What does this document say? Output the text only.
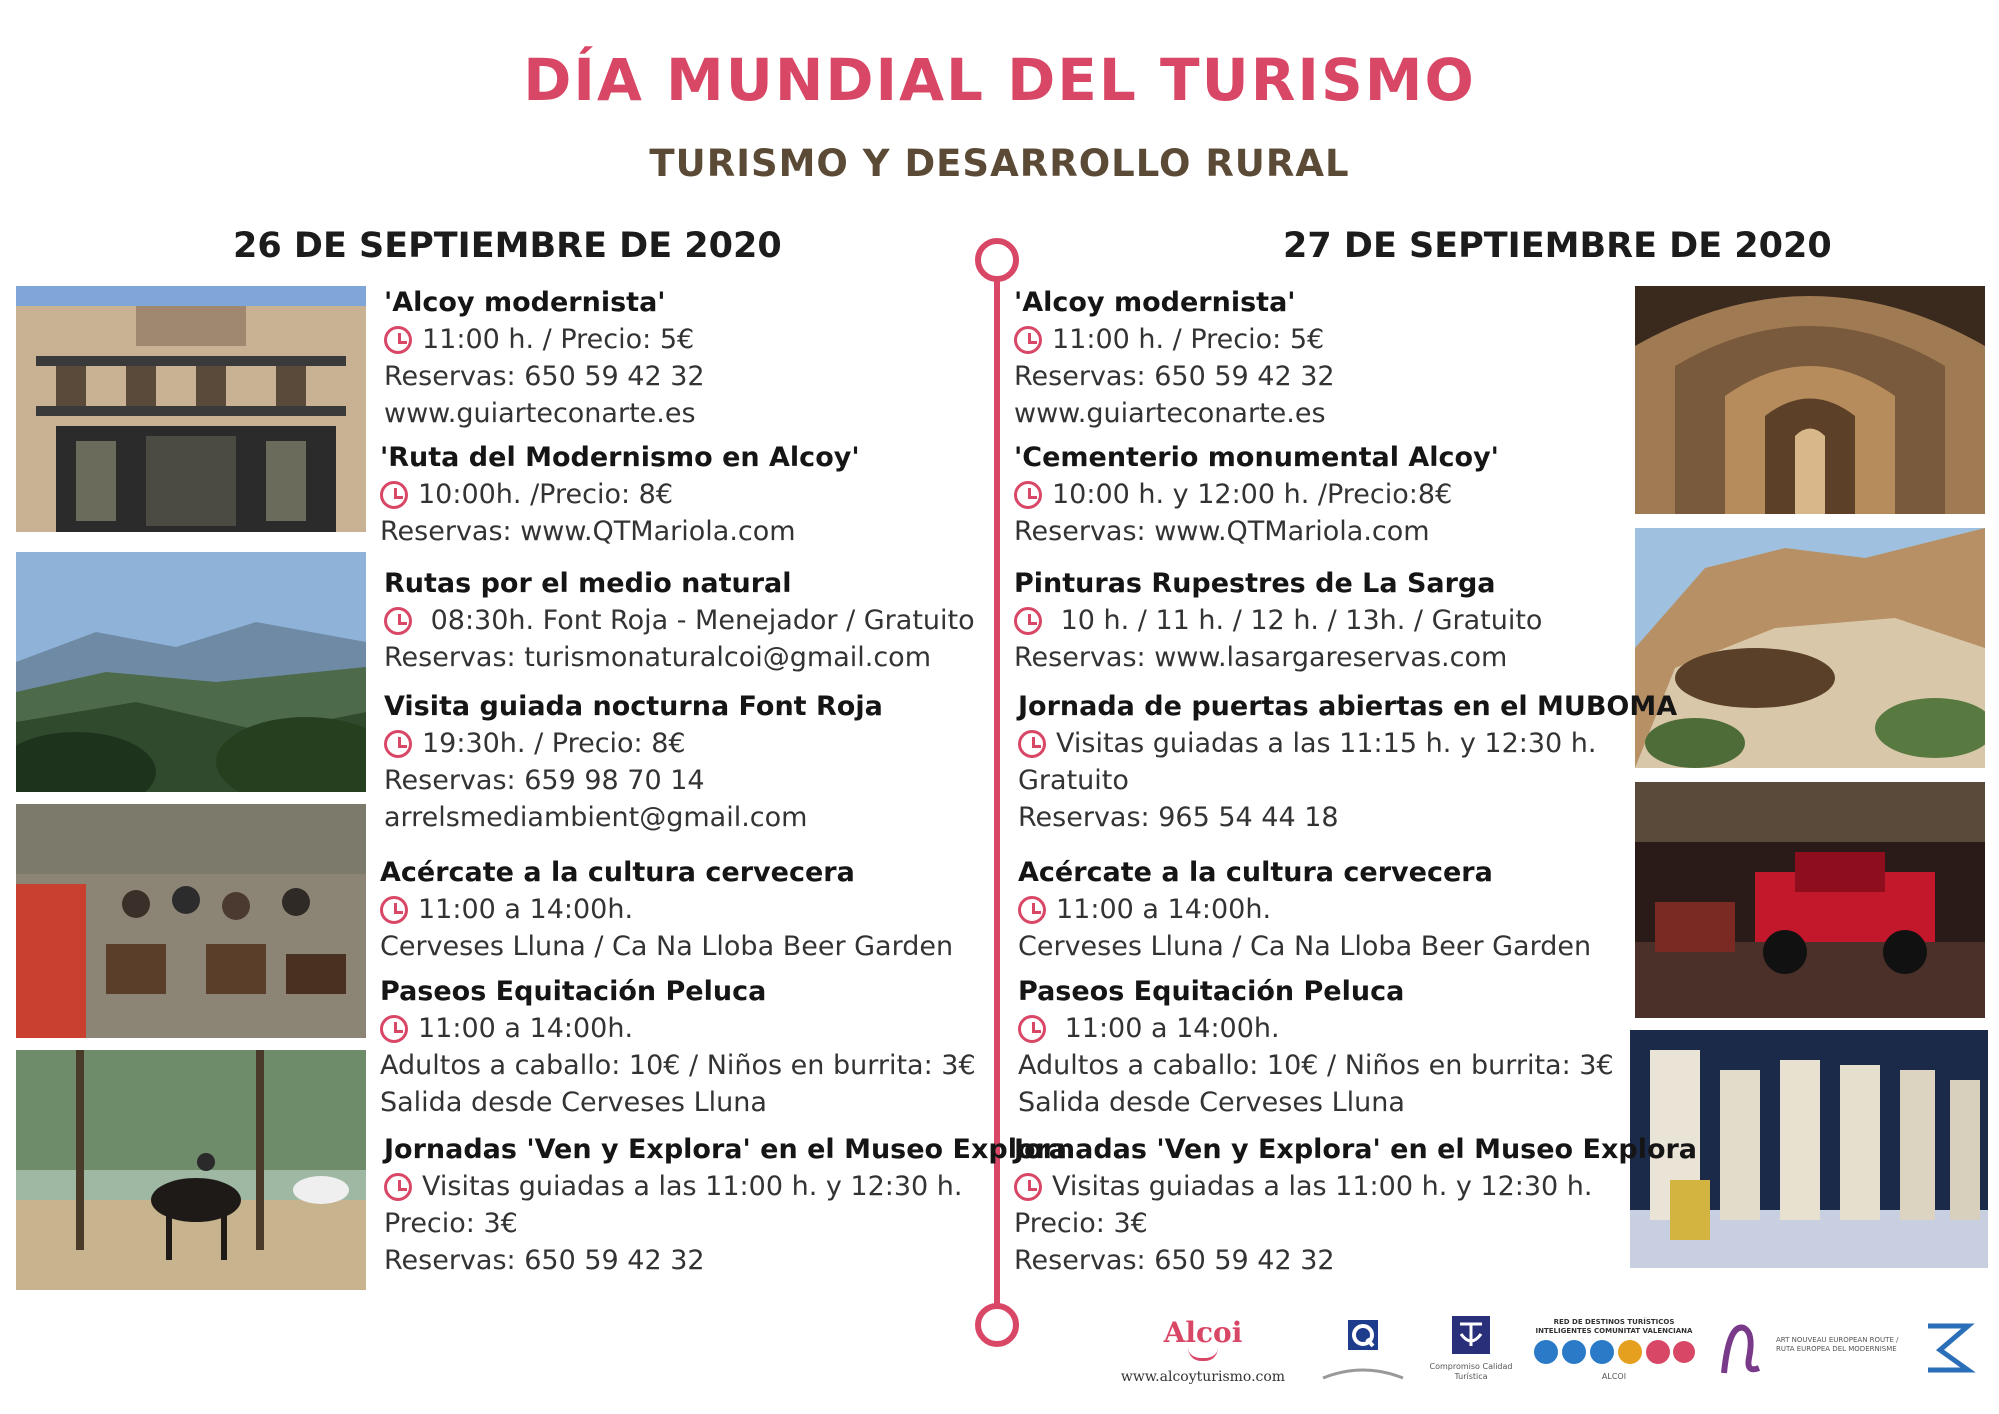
DÍA MUNDIAL DEL TURISMO
TURISMO Y DESARROLLO RURAL
26 DE SEPTIEMBRE DE 2020	27 DE SEPTIEMBRE DE 2020
'Alcoy modernista'
11:00 h. / Precio: 5€
Reservas: 650 59 42 32
www.guiarteconarte.es
'Ruta del Modernismo en Alcoy'
10:00h. /Precio: 8€
Reservas: www.QTMariola.com
Rutas por el medio natural
08:30h. Font Roja - Menejador / Gratuito
Reservas: turismonaturalcoi@gmail.com
Visita guiada nocturna Font Roja
19:30h. / Precio: 8€
Reservas: 659 98 70 14
arrelsmediambient@gmail.com
Acércate a la cultura cervecera
11:00 a 14:00h.
Cerveses Lluna / Ca Na Lloba Beer Garden
Paseos Equitación Peluca
11:00 a 14:00h.
Adultos a caballo: 10€ / Niños en burrita: 3€
Salida desde Cerveses Lluna
Jornadas 'Ven y Explora' en el Museo Explora
Visitas guiadas a las 11:00 h. y 12:30 h.
Precio: 3€
Reservas: 650 59 42 32
'Alcoy modernista'
11:00 h. / Precio: 5€
Reservas: 650 59 42 32
www.guiarteconarte.es
'Cementerio monumental Alcoy'
10:00 h. y 12:00 h. /Precio:8€
Reservas: www.QTMariola.com
Pinturas Rupestres de La Sarga
10 h. / 11 h. / 12 h. / 13h. / Gratuito
Reservas: www.lasargareservas.com
Jornada de puertas abiertas en el MUBOMA
Visitas guiadas a las 11:15 h. y 12:30 h.
Gratuito
Reservas: 965 54 44 18
Acércate a la cultura cervecera
11:00 a 14:00h.
Cerveses Lluna / Ca Na Lloba Beer Garden
Paseos Equitación Peluca
11:00 a 14:00h.
Adultos a caballo: 10€ / Niños en burrita: 3€
Salida desde Cerveses Lluna
Jornadas 'Ven y Explora' en el Museo Explora
Visitas guiadas a las 11:00 h. y 12:30 h.
Precio: 3€
Reservas: 650 59 42 32
Alcoi
www.alcoyturismo.com
Compromiso Calidad Turística
RED DE DESTINOS TURÍSTICOS INTELIGENTES COMUNITAT VALENCIANA
ALCOI
ART NOUVEAU EUROPEAN ROUTE / RUTA EUROPEA DEL MODERNISME
